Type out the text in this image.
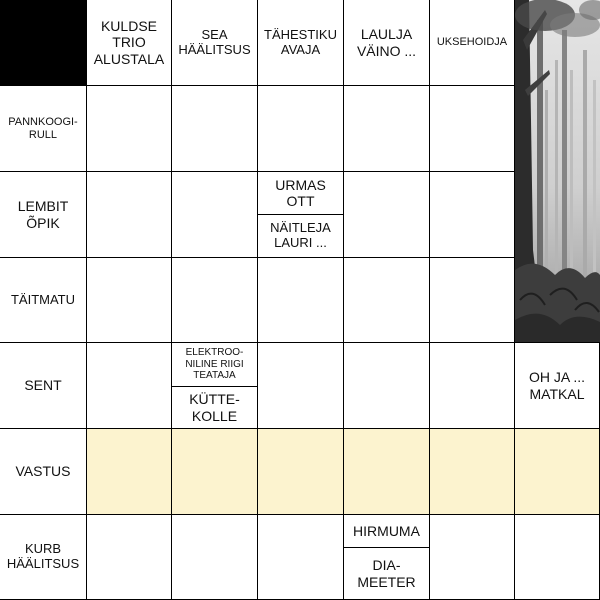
KULDSE
TRIO
ALUSTALA
SEA
HÄÄLITSUS
TÄHESTIKU
AVAJA
LAULJA
VÄINO ...
UKSEHOIDJA
PANNKOOGI-
RULL
LEMBIT
ÕPIK
TÄITMATU
SENT
VASTUS
KURB
HÄÄLITSUS
URMAS
OTT
NÄITLEJA
LAURI ...
ELEKTROO-
NILINE RIIGI
TEATAJA
KÜTTE-
KOLLE
OH JA ...
MATKAL
HIRMUMA
DIA-
MEETER
